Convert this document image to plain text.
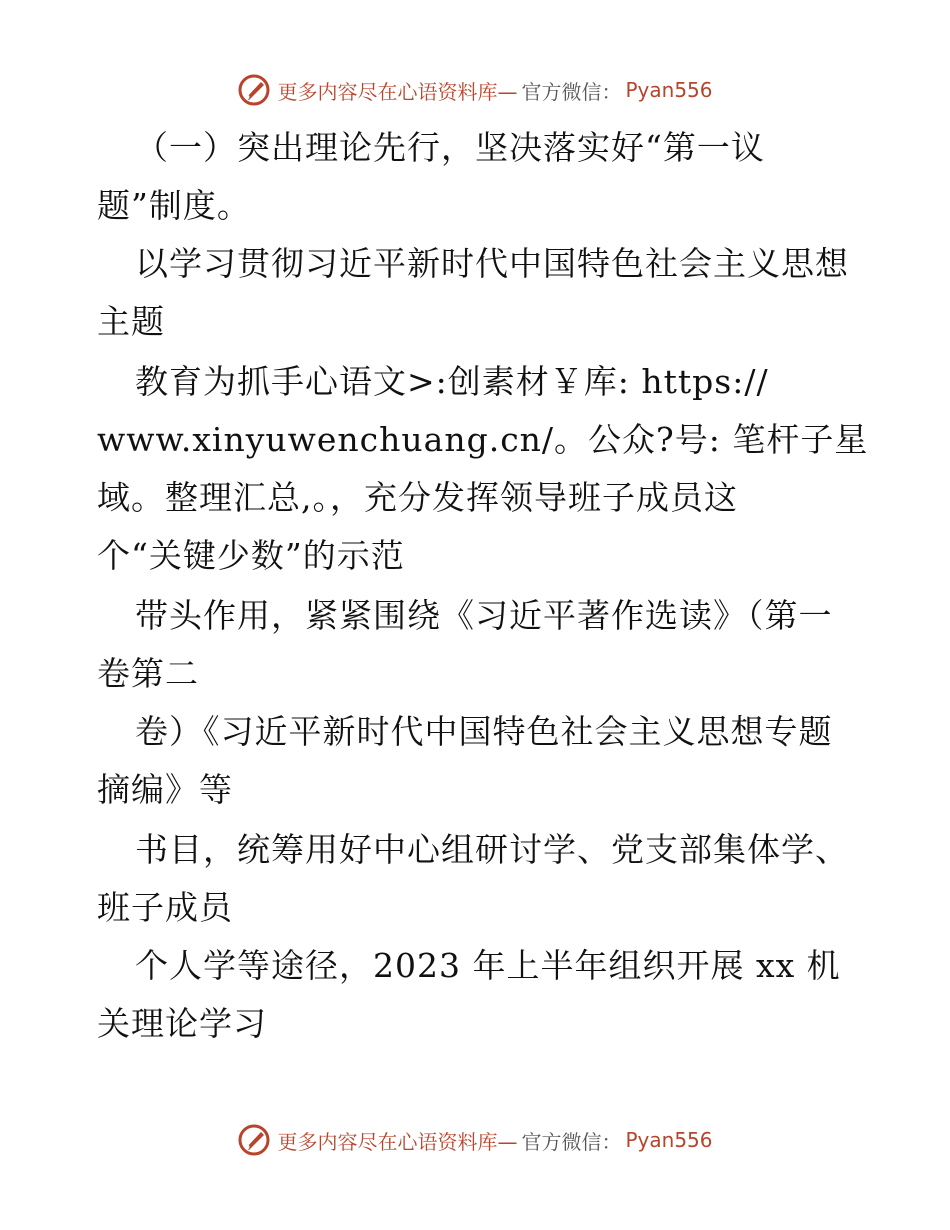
更多内容尽在心语资料库— 官方微信： Pyan556
（一）突出理论先行，坚决落实好“第一议
题”制度。
以学习贯彻习近平新时代中国特色社会主义思想
主题
教育为抓手心语文>:创素材￥库: https://
www.xinyuwenchuang.cn/。公众?号: 笔杆子星
域。整理汇总,。，充分发挥领导班子成员这
个“关键少数”的示范
带头作用，紧紧围绕《习近平著作选读》（第一
卷第二
卷）《习近平新时代中国特色社会主义思想专题
摘编》等
书目，统筹用好中心组研讨学、党支部集体学、
班子成员
个人学等途径，2023 年上半年组织开展 xx 机
关理论学习
更多内容尽在心语资料库— 官方微信： Pyan556
